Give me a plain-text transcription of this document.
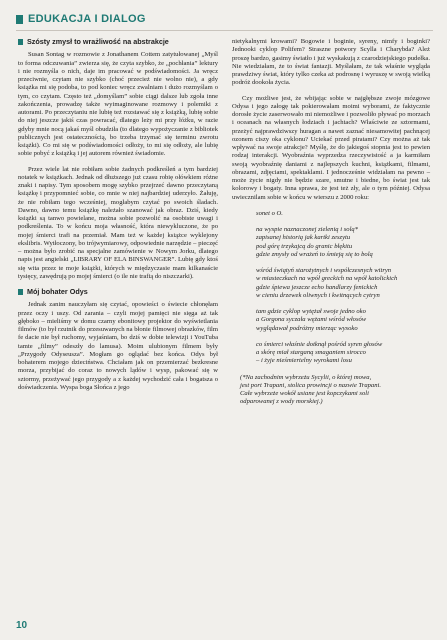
EDUKACJA I DIALOG
Szósty zmysł to wrażliwość na abstrakcje

Susan Sontag w rozmowie z Jonathanem Cottem zatytułowanej „Myśl to forma odczuwania” zwierza się, że czyta szybko, że „pochłania” lektury i nie rozmyśla o nich, daje im pracować w podświadomości. Ja wręcz przeciwnie, czytam nie szybko (choć przecież nie wolno nie), a gdy książka mi się podoba, to pod koniec wręcz zwalniam i dużo rozmyślam o tym, co czytam. Często też „domyślam” sobie ciągi dalsze lub zgoła inne zakończenia, prowadzę także wyimaginowane rozmowy i polemiki z autorami. Po przeczytaniu nie lubię też rozstawać się z książką, lubię sobie do niej jeszcze jakiś czas powracać, dlatego leży mi przy łóżku, w razie gdyby mnie nocą jakaś myśl obudziła (to dlatego wypożyczanie z bibliotek publicznych jest ostatecznością, bo trzeba trzymać się terminu zwrotu książki). Co mi się w podświadomości odłoży, to mi się odłoży, ale lubię sobie pobyć z książką i jej autorem również świadomie.

Przez wiele lat nie robiłam sobie żadnych podkreśleń a tym bardziej notatek w książkach. Jednak od dłuższego już czasu robię ołówkiem różne znaki i napisy. Tym sposobem mogę szybko przejrzeć dawno przeczytaną książkę i przypomnieć sobie, co mnie w niej najbardziej uderzyło. Żałuję, że nie robiłam tego wcześniej, mogłabym czytać po swoich śladach. Dawno, dawno temu książkę należało szanować jak obraz. Dziś, kiedy książki są tanwo powielane, można sobie pozwolić na osobiste uwagi i podkreślenia. To w końcu moja własność, która niewykluczone, że po mojej śmierci trafi na przemiał. Mam też w każdej książce wyklejony ekslibris. Wytłoczony, bo trójwymiarowy, odpowiednie narzędzie – pieczęć – można było zrobić na specjalne zamówienie w Nowym Jorku, dlatego napis jest angielski „LIBRARY OF ELA BINSWANGER”. Lubię gdy ktoś się wita przez te moje książki, których w międzyczasie mam kilkanaście tysięcy, zawędrują po mojej śmierci (o ile nie trafią do niszczarki).

Mój bohater Odys

Jednak zanim nauczyłam się czytać, opowieści o świecie chłonęłam przez oczy i uszy. Od zarania – czyli mojej pamięci nie sięga aż tak głęboko – mieliśmy w domu czarny ebonitowy projektor do wyświetlania filmów (to był rzutnik do przesuwanych na błonie filmowej obrazków, film fe dacie nie był ruchomy, wyjaśniam, bo dziś w dobie telewizji i YouTuba tamte „filmy” odeszły do lamusa). Moim ulubionym filmem były „Przygody Odyseusza”. Mogłam go oglądać bez końca. Odys był bohaterem mojego dzieciństwa. Chciałam jak on przemierzać bezkresne morza, przybijać do coraz to nowych lądów i wysp, pakować się w sztormy, przeżywać jego przygody a z każdej wychodzić cała i bogatsza o doświadczenia. Wyspa boga Słońca z jego

nietykalnymi krowami? Bogowie i boginie, syreny, nimfy i boginki? Jednooki cyklop Polifem? Straszne potwory Scylla i Charybda? Ależ proszę bardzo, gasimy światło i już wyskakują z czarodziejskiego pudełka. Nie wiedziałam, że to świat fantazji. Myślałam, że tak właśnie wygląda prawdziwy świat, który tylko czeka aż podrosnę i wyruszę w swoją wielką podróż dookoła życia.

Czy możliwe jest, że wbijając sobie w najgłębsze zwoje mózgowe Odysa i jego załogę tak pokierowałam moimi wyborami, że faktycznie dorosłe życie zaserwowało mi niemożliwe i pozwoliło pływać po morzach i oceanach na własnych łodziach i jachtach? Właściwie ze sztormami, przeżyć najprawdziwszy huragan a nawet zaznać niesamowitej pachnącej ozonem ciszy oka cyklonu? Uciekać przed piratami? Czy można aż tak wpływać na swoje atrakcje? Myślę, że do jakiegoś stopnia jest to pewien rodzaj interakcji. Wyobraźnia wyprzedza rzeczywistość a ja karmiłam swoją wyobraźnię daniami z najlepszych kuchni, książkami, filmami, obrazami, zdjęciami, spektaklami. I jednocześnie widziałam na pewno – może życie nigdy nie będzie szare, smutne i biedne, bo świat jest tak kolorowy i bogaty. Inna sprawa, że jest też zły, ale o tym później. Odysa uwiecznilam sobie w końcu w wierszu z 2000 roku:

sonet o O.
na wyspie naznaczonej zielenią i solą*
zapisanej historią jak kartki zeszytu
pod górę trzykajcą do granic błękitu
gdzie zmysły od wrażeń to śmieją się to bolą
wśród świątyń starożytnych i współczesnych witryn
w miasteczkach na wpół greckich na wpół katolickich
gdzie śpiewa jeszcze echo handlarzy fenickich
w cieniu drzewek oliwnych i kwitnących cytryn
tam gdzie cyklop wytężał swoje jedno oko
a Gorgona syczała wężami wśród włosów
wyglądawał podróżny mierząc wysoko
co śmierci właśnie dotknął pośród syren głosów
a skórę miał starganą smaganiem sirocco
– i żyje nieśmiertelny wyrokami losu
(*Na zachodnim wybrzeżu Sycylii, o której mowa,
jest port Trapani, stolica prowincji o nazwie Trapani.
Całe wybrzeże wokół usiane jest kopczykami soli
odparowanej z wody morskiej.)
10
